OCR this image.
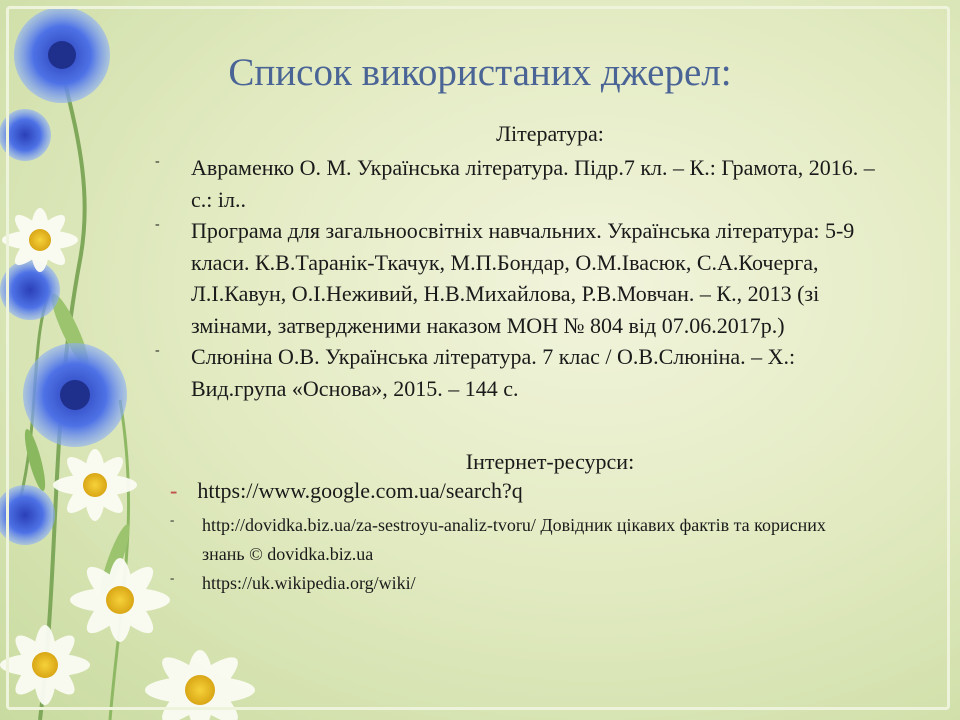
Список використаних джерел:
Література:
- Авраменко О. М. Українська література. Підр.7 кл. – К.: Грамота, 2016. – с.: іл..
- Програма для загальноосвітніх навчальних. Українська література: 5-9 класи. К.В.Таранік-Ткачук, М.П.Бондар, О.М.Івасюк, С.А.Кочерга, Л.І.Кавун, О.І.Неживий, Н.В.Михайлова, Р.В.Мовчан. – К., 2013 (зі змінами, затвердженими наказом МОН № 804 від 07.06.2017р.)
- Слюніна О.В. Українська література. 7 клас / О.В.Слюніна. – Х.: Вид.група «Основа», 2015. – 144 с.
Інтернет-ресурси:
- https://www.google.com.ua/search?q
- http://dovidka.biz.ua/za-sestroyu-analiz-tvoru/ Довідник цікавих фактів та корисних знань © dovidka.biz.ua
- https://uk.wikipedia.org/wiki/
